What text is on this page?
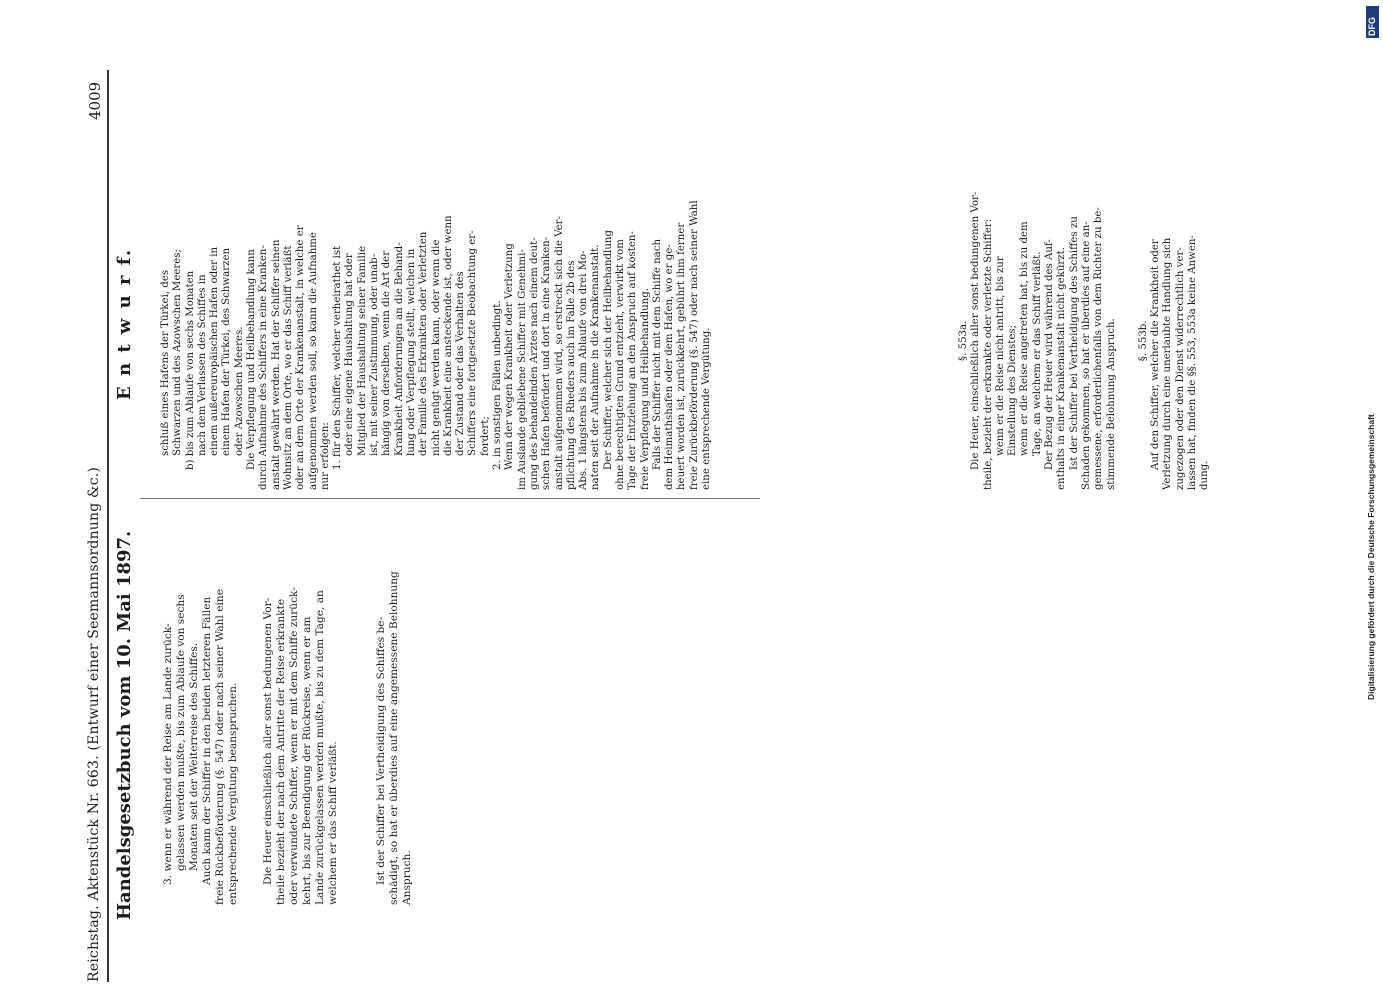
Reichstag. Aktenstück Nr. 663. (Entwurf einer Seemannsordnung &c.)
4009
Handelsgesetzbuch vom 10. Mai 1897.
E n t w u r f.

3. wenn er während der Reise am Lande zurück- gelassen werden mußte, bis zum Ablaufe von sechs Monaten seit der Weiterreise des Schiffes. Auch kann der Schiffer in den beiden letzteren Fällen freie Rückbeförderung (§. 547) oder nach seiner Wahl eine entsprechende Vergütung beanspruchen. Die Heuer einschließlich aller sonst bedungenen Vor- theile bezieht der nach dem Antritte der Reise erkrankte oder verwundete Schiffer, wenn er mit dem Schiffe zurück- kehrt, bis zur Beendigung der Rückreise, wenn er am Lande zurückgelassen werden mußte, bis zu dem Tage, an welchem er das Schiff verläßt.	Ist der Schiffer bei Vertheidigung des Schiffes be- schädigt, so hat er überdies auf eine angemessene Belohnung Anspruch.

schluß eines Hafens der Türkei, des Schwarzen und des Azowschen Meeres; b) bis zum Ablaufe von sechs Monaten nach dem Verlassen des Schiffes in einem außereuropäischen Hafen oder in einem Hafen der Türkei, des Schwarzen oder Azowschen Meeres. Die Verpflegung und Heilbehandlung kann durch Aufnahme des Schiffers in eine Kranken- anstalt gewährt werden. Hat der Schiffer seinen Wohnsitz an dem Orte, wo er das Schiff verläßt oder an dem Orte der Krankenanstalt, in welche er aufgenommen werden soll, so kann die Aufnahme nur erfolgen: 1. für den Schiffer, welcher verheirathet ist oder eine eigene Haushaltung hat oder Mitglied der Haushaltung seiner Familie ist, mit seiner Zustimmung, oder unab- hängig von derselben, wenn die Art der Krankheit Anforderungen an die Behand- lung oder Verpflegung stellt, welchen in der Familie des Erkrankten oder Verletzten nicht genügt werden kann, oder wenn die die Krankheit eine ansteckende ist, oder wenn der Zustand oder das Verhalten des Schiffers eine fortgesetzte Beobachtung er- fordert; 2. in sonstigen Fällen unbedingt. Wenn der wegen Krankheit oder Verletzung im Auslande gebliebene Schiffer mit Genehmi- gung des behandelnden Arztes nach einem deut- schen Hafen befördert und dort in eine Kranken- anstalt aufgenommen wird, so erstreckt sich die Ver- pflichtung des Rheders auch im Falle 2b des Abs. 1 längstens bis zum Ablaufe von drei Mo- naten seit der Aufnahme in die Krankenanstalt. Der Schiffer, welcher sich der Heilbehandlung ohne berechtigten Grund entzieht, verwirkt vom Tage der Entziehung an den Anspruch auf kosten- freie Verpflegung und Heilbehandlung. Falls der Schiffer nicht mit dem Schiffe nach dem Heimathshafen oder dem Hafen, wo er ge- heuert worden ist, zurückkehrt, gebührt ihm ferner freie Zurückbeförderung (§. 547) oder nach seiner Wahl eine entsprechende Vergütung.	§. 553a. Die Heuer, einschließlich aller sonst bedungenen Vor- theile, bezieht der erkrankte oder verletzte Schiffer: wenn er die Reise nicht antritt, bis zur Einstellung des Dienstes; wenn er die Reise angetreten hat, bis zu dem Tage, an welchem er das Schiff verläßt. Der Bezug der Heuer wird während des Auf- enthalts in einer Krankenanstalt nicht gekürzt. Ist der Schiffer bei Vertheidigung des Schiffes zu Schaden gekommen, so hat er überdies auf eine an- gemessene, erforderlichenfalls von dem Richter zu be- stimmende Belohnung Anspruch. §. 553b. Auf den Schiffer, welcher die Krankheit oder Verletzung durch eine unerlaubte Handlung sich zugezogen oder den Dienst widerrechtlich ver- lassen hat, finden die §§. 553, 553a keine Anwen- dung.	Digitalisierung gefördert durch die Deutsche Forschungsgemeinschaft
DFG
